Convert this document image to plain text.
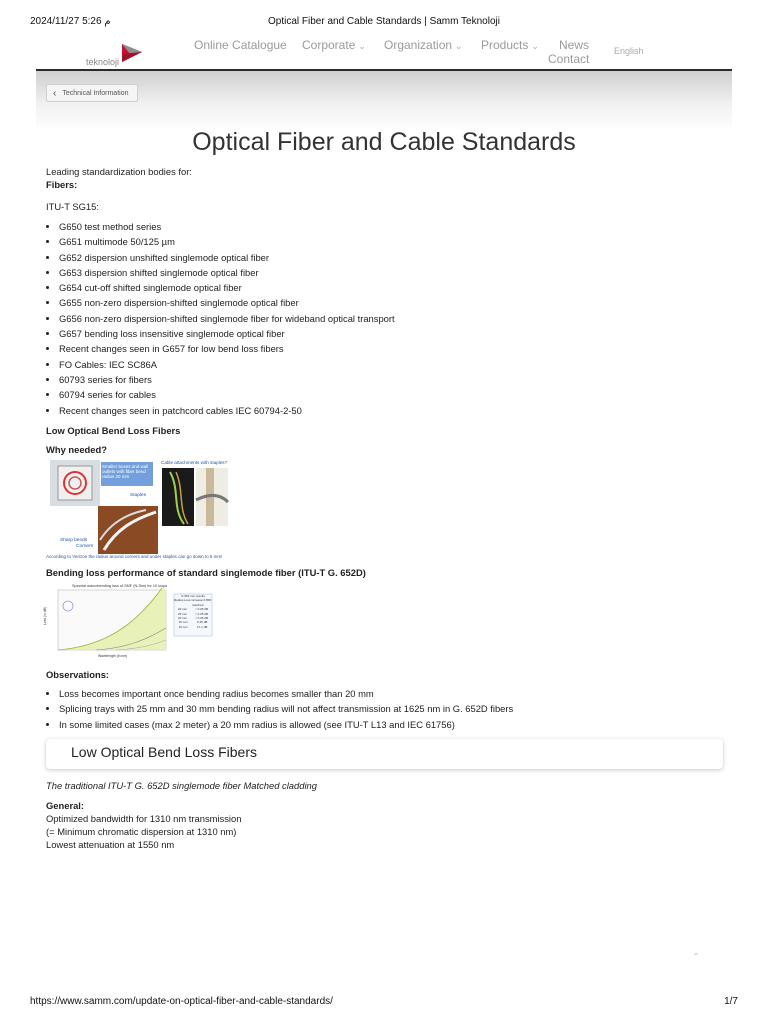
م 5:26 2024/11/27	Optical Fiber and Cable Standards | Samm Teknoloji
teknoloji
Online Catalogue Corporate ⌄ Organization ⌄ Products ⌄ News
Contact
English
‹ Technical Information
Optical Fiber and Cable Standards

Leading standardization bodies for:

Fibers:

ITU-T SG15:

• G650 test method series
• G651 multimode 50/125 µm
• G652 dispersion unshifted singlemode optical fiber
• G653 dispersion shifted singlemode optical fiber
• G654 cut-off shifted singlemode optical fiber
• G655 non-zero dispersion-shifted singlemode optical fiber
• G656 non-zero dispersion-shifted singlemode fiber for wideband optical transport
• G657 bending loss insensitive singlemode optical fiber
• Recent changes seen in G657 for low bend loss fibers
• FO Cables: IEC SC86A
• 60793 series for fibers
• 60794 series for cables
• Recent changes seen in patchcord cables IEC 60794-2-50

Low Optical Bend Loss Fibers

Why needed?

Smaller boxes and wall outlets with fiber bend radius 20 mm
Cable attachments with staples?
Staples
Sharp bends
Corners
According to Verizon the radius around corners and under staples can go down to 5 mm!

Bending loss performance of standard singlemode fiber (ITU-T G. 652D)

Spectral macrobending loss of SMF (N-Sim) for 10 loops
Loss (in dB)
Wavelength (in nm)
G.652 mm results
Radius Loss increase 0.65D matched
20 mm	< 0.05 dB
25 mm	< 0.05 dB
20 mm	< 0.05 dB
15 mm	0.45 dB
10 mm	17.1 dB

Observations:

• Loss becomes important once bending radius becomes smaller than 20 mm
• Splicing trays with 25 mm and 30 mm bending radius will not affect transmission at 1625 nm in G. 652D fibers
• In some limited cases (max 2 meter) a 20 mm radius is allowed (see ITU-T L13 and IEC 61756)
Low Optical Bend Loss Fibers

The traditional ITU-T G. 652D singlemode fiber Matched cladding

General:

Optimized bandwidth for 1310 nm transmission

(= Minimum chromatic dispersion at 1310 nm)

Lowest attenuation at 1550 nm

⌃
https://www.samm.com/update-on-optical-fiber-and-cable-standards/	1/7
